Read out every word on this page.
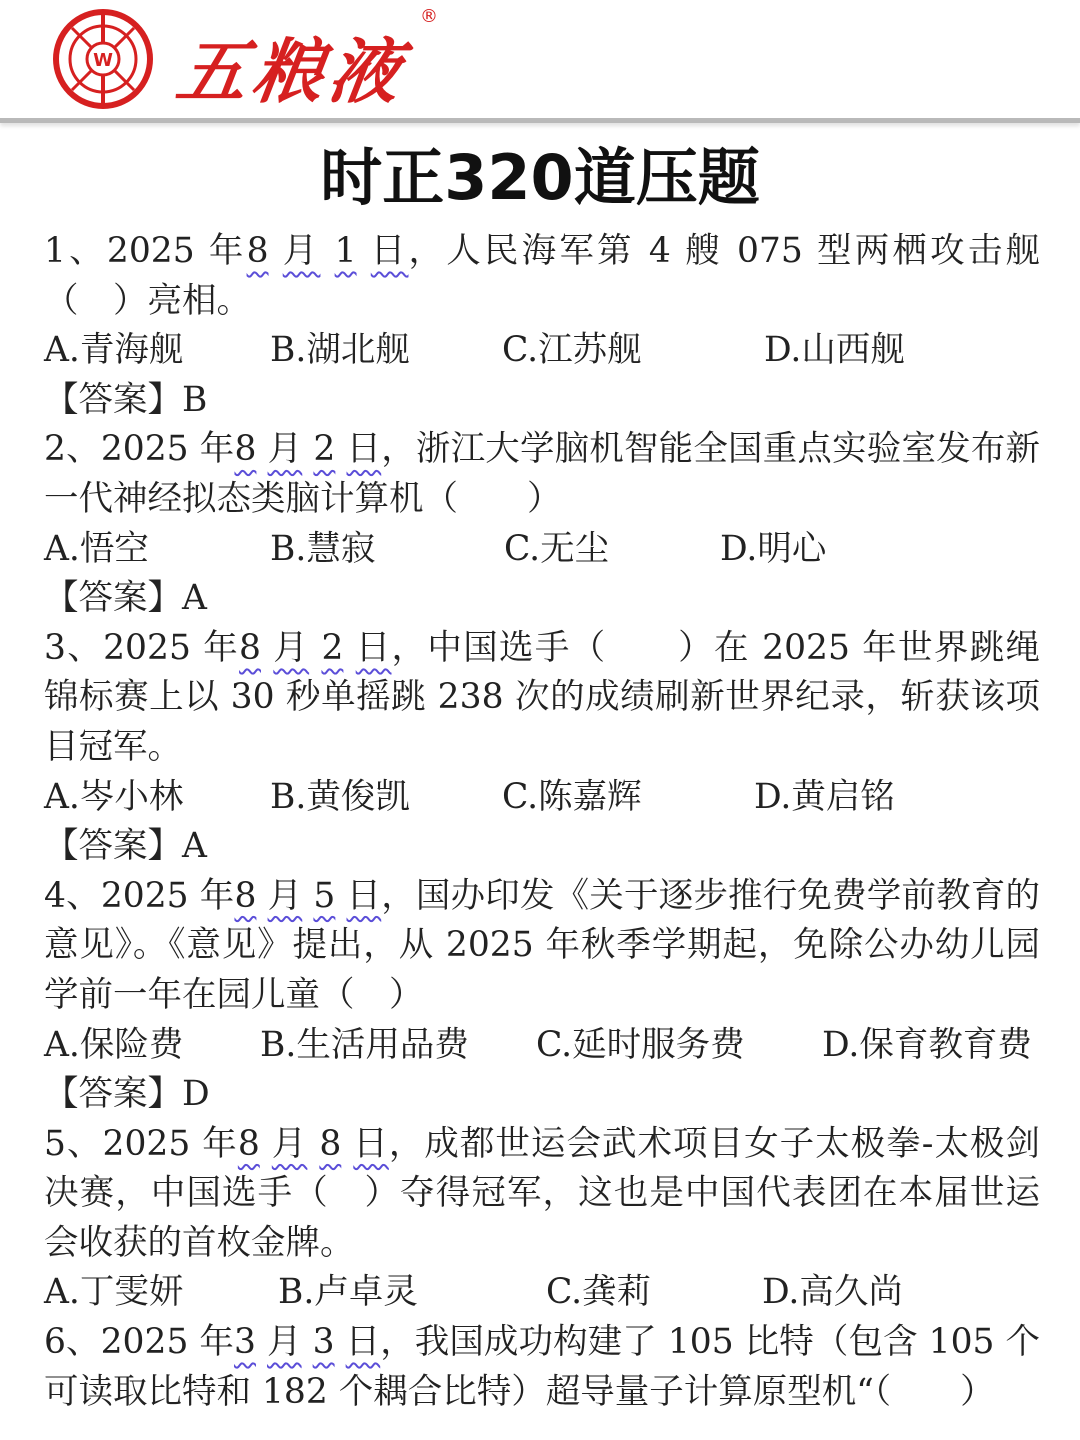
W 五粮液
®
时正320道压题
1、2025 年8 月 1 日，人民海军第 4 艘 075 型两栖攻击舰（　）亮相。
A.青海舰	B.湖北舰	C.江苏舰	D.山西舰
【答案】B
2、2025 年8 月 2 日，浙江大学脑机智能全国重点实验室发布新一代神经拟态类脑计算机（　　）
A.悟空	B.慧寂	C.无尘	D.明心
【答案】A
3、2025 年8 月 2 日，中国选手（　　）在 2025 年世界跳绳锦标赛上以 30 秒单摇跳 238 次的成绩刷新世界纪录，斩获该项目冠军。
A.岑小林	B.黄俊凯	C.陈嘉辉	D.黄启铭
【答案】A
4、2025 年8 月 5 日，国办印发《关于逐步推行免费学前教育的意见》。《意见》提出，从 2025 年秋季学期起，免除公办幼儿园学前一年在园儿童（　）
A.保险费	B.生活用品费	C.延时服务费	D.保育教育费
【答案】D
5、2025 年8 月 8 日，成都世运会武术项目女子太极拳-太极剑决赛，中国选手（　）夺得冠军，这也是中国代表团在本届世运会收获的首枚金牌。
A.丁雯妍	B.卢卓灵	C.龚莉	D.高久尚
6、2025 年3 月 3 日，我国成功构建了 105 比特（包含 105 个可读取比特和 182 个耦合比特）超导量子计算原型机“（　　）
